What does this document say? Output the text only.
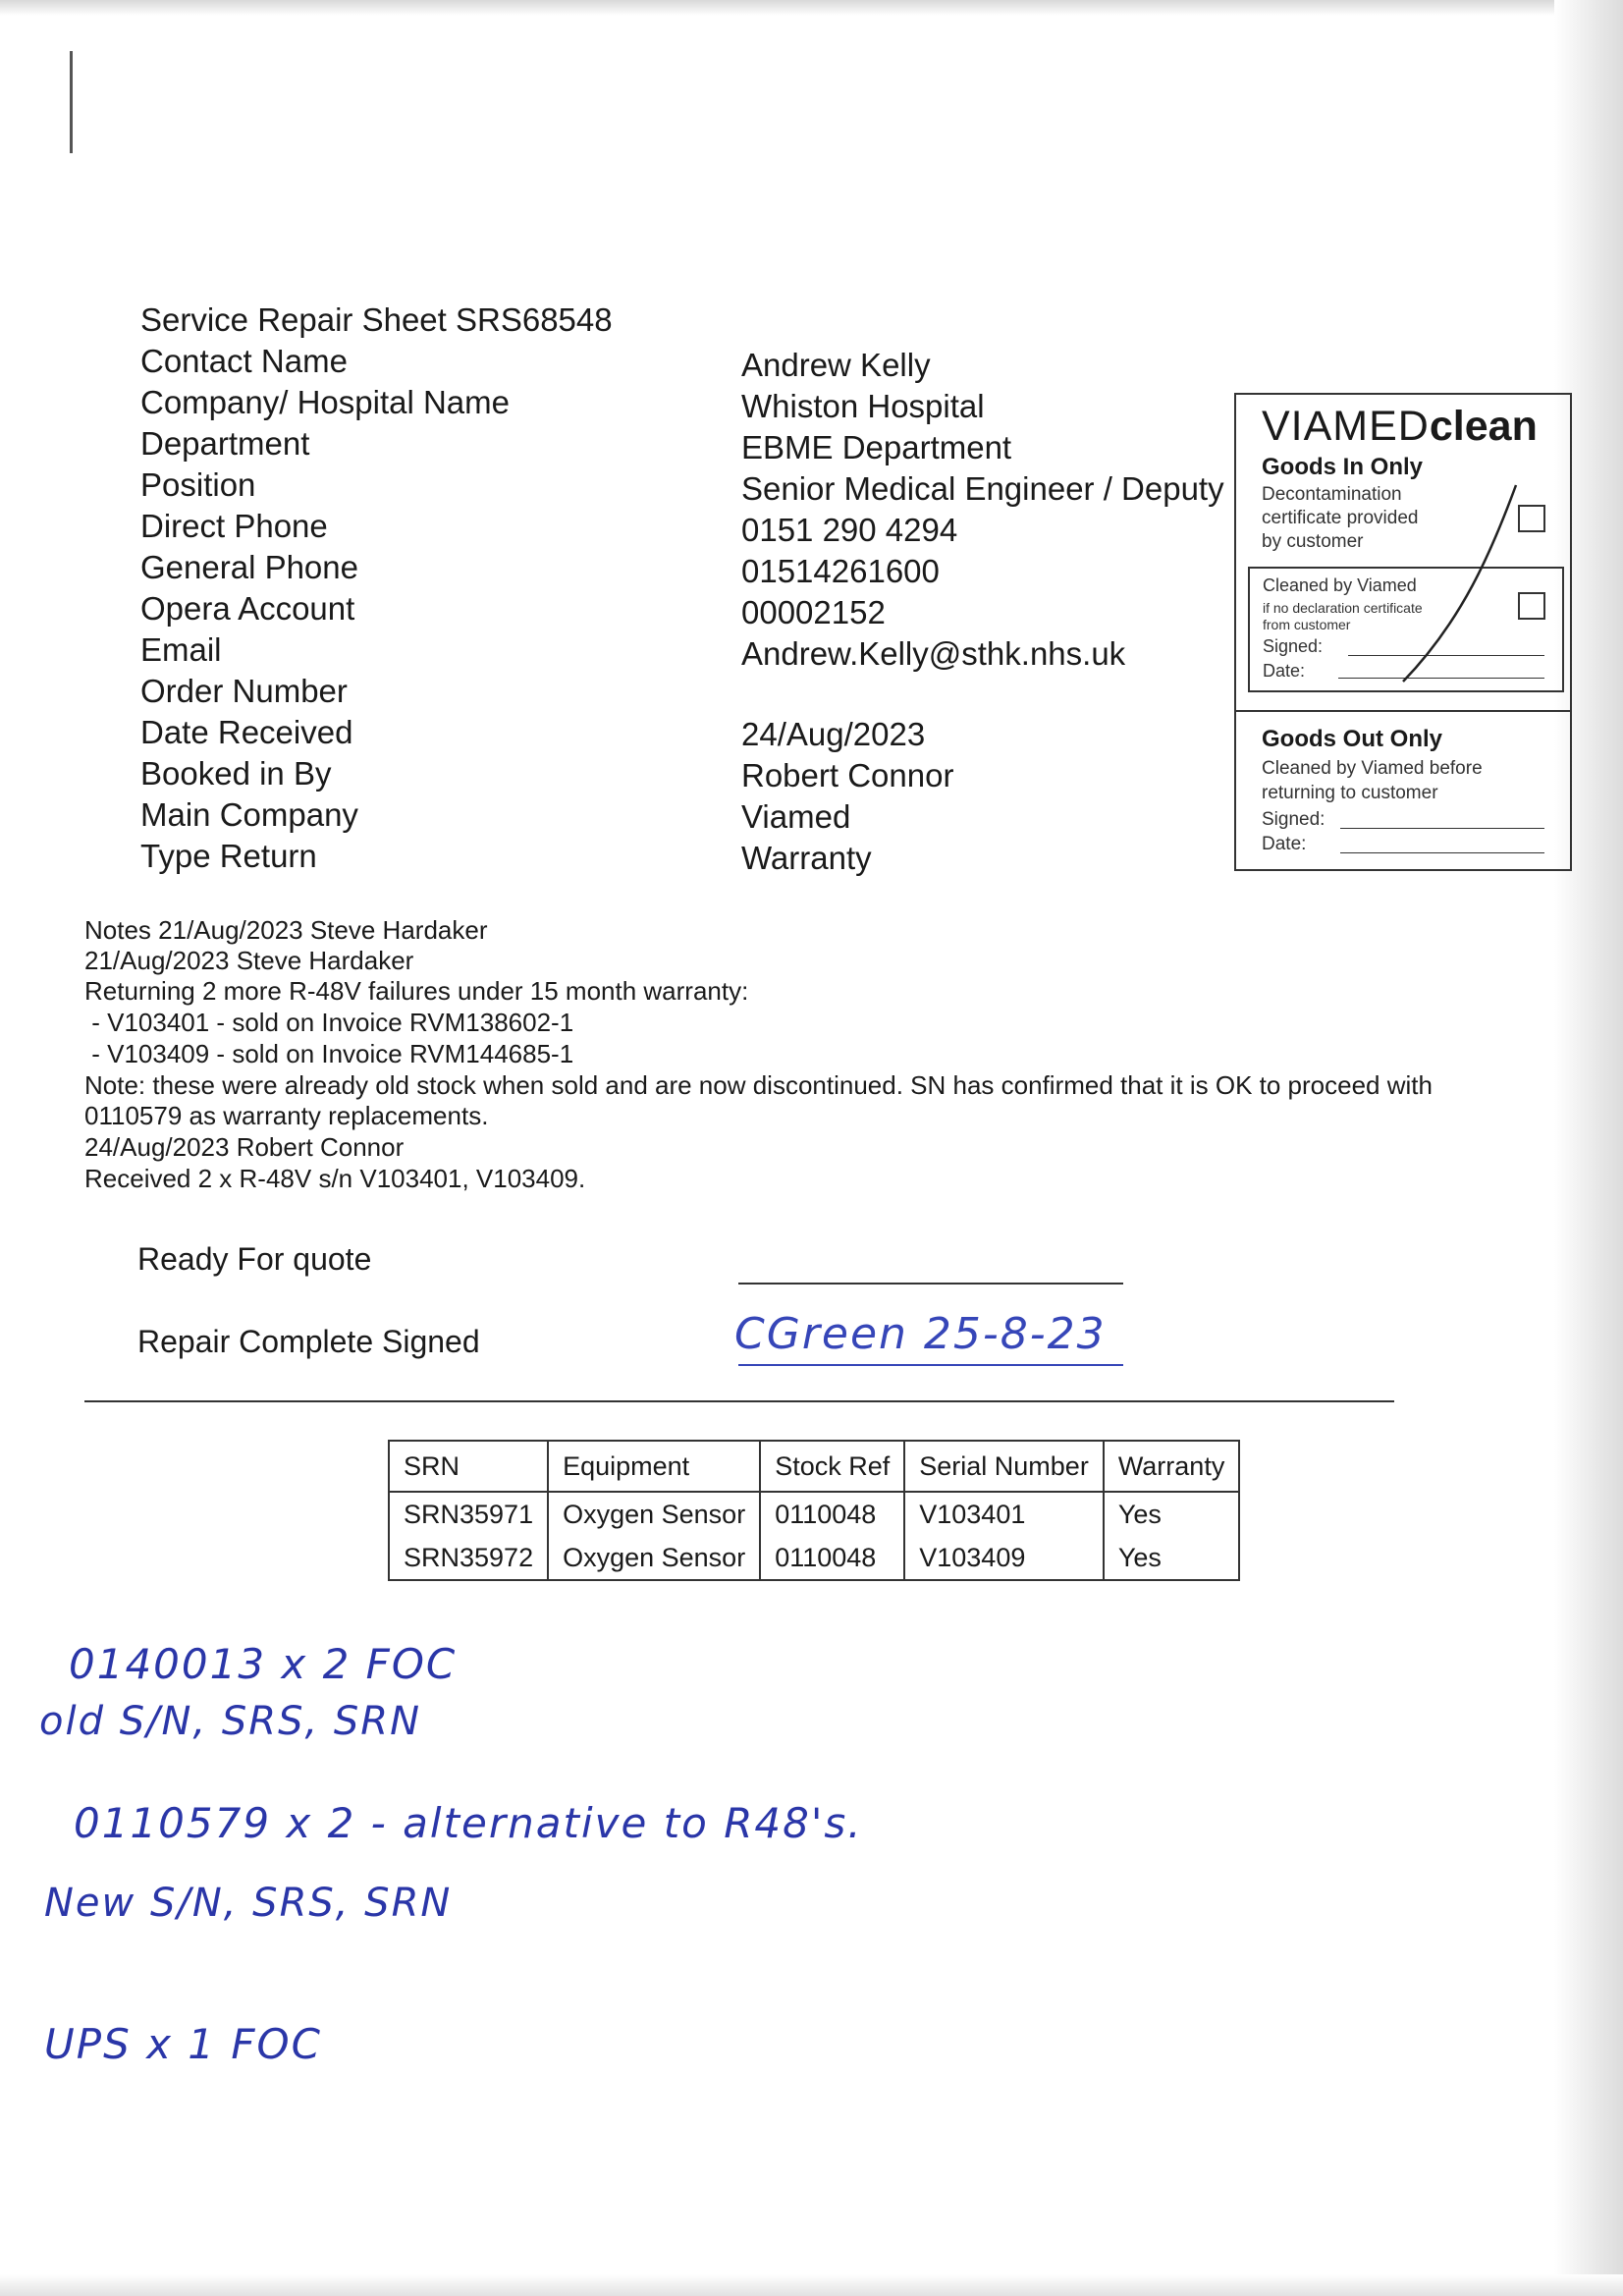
Service Repair Sheet SRS68548
Contact Name	Andrew Kelly
Company/ Hospital Name	Whiston Hospital
Department	EBME Department
Position	Senior Medical Engineer / Deputy
Direct Phone	0151 290 4294
General Phone	01514261600
Opera Account	00002152
Email	Andrew.Kelly@sthk.nhs.uk
Order Number
Date Received	24/Aug/2023
Booked in By	Robert Connor
Main Company	Viamed
Type Return	Warranty
VIAMEDclean
Goods In Only
Decontamination
certificate provided
by customer
Cleaned by Viamed
if no declaration certificate
from customer
Signed:
Date:
Goods Out Only
Cleaned by Viamed before
returning to customer
Signed:
Date:
Notes 21/Aug/2023 Steve Hardaker
21/Aug/2023 Steve Hardaker
Returning 2 more R-48V failures under 15 month warranty:
- V103401 - sold on Invoice RVM138602-1
- V103409 - sold on Invoice RVM144685-1
Note: these were already old stock when sold and are now discontinued. SN has confirmed that it is OK to proceed with
0110579 as warranty replacements.
24/Aug/2023 Robert Connor
Received 2 x R-48V s/n V103401, V103409.
Ready For quote
Repair Complete Signed	CGreen 25-8-23
SRN	Equipment	Stock Ref	Serial Number	Warranty
SRN35971	Oxygen Sensor	0110048	V103401	Yes
SRN35972	Oxygen Sensor	0110048	V103409	Yes
0140013 x 2 FOC
old S/N, SRS, SRN
0110579 x 2 - alternative to R48's.
New S/N, SRS, SRN
UPS x 1 FOC
